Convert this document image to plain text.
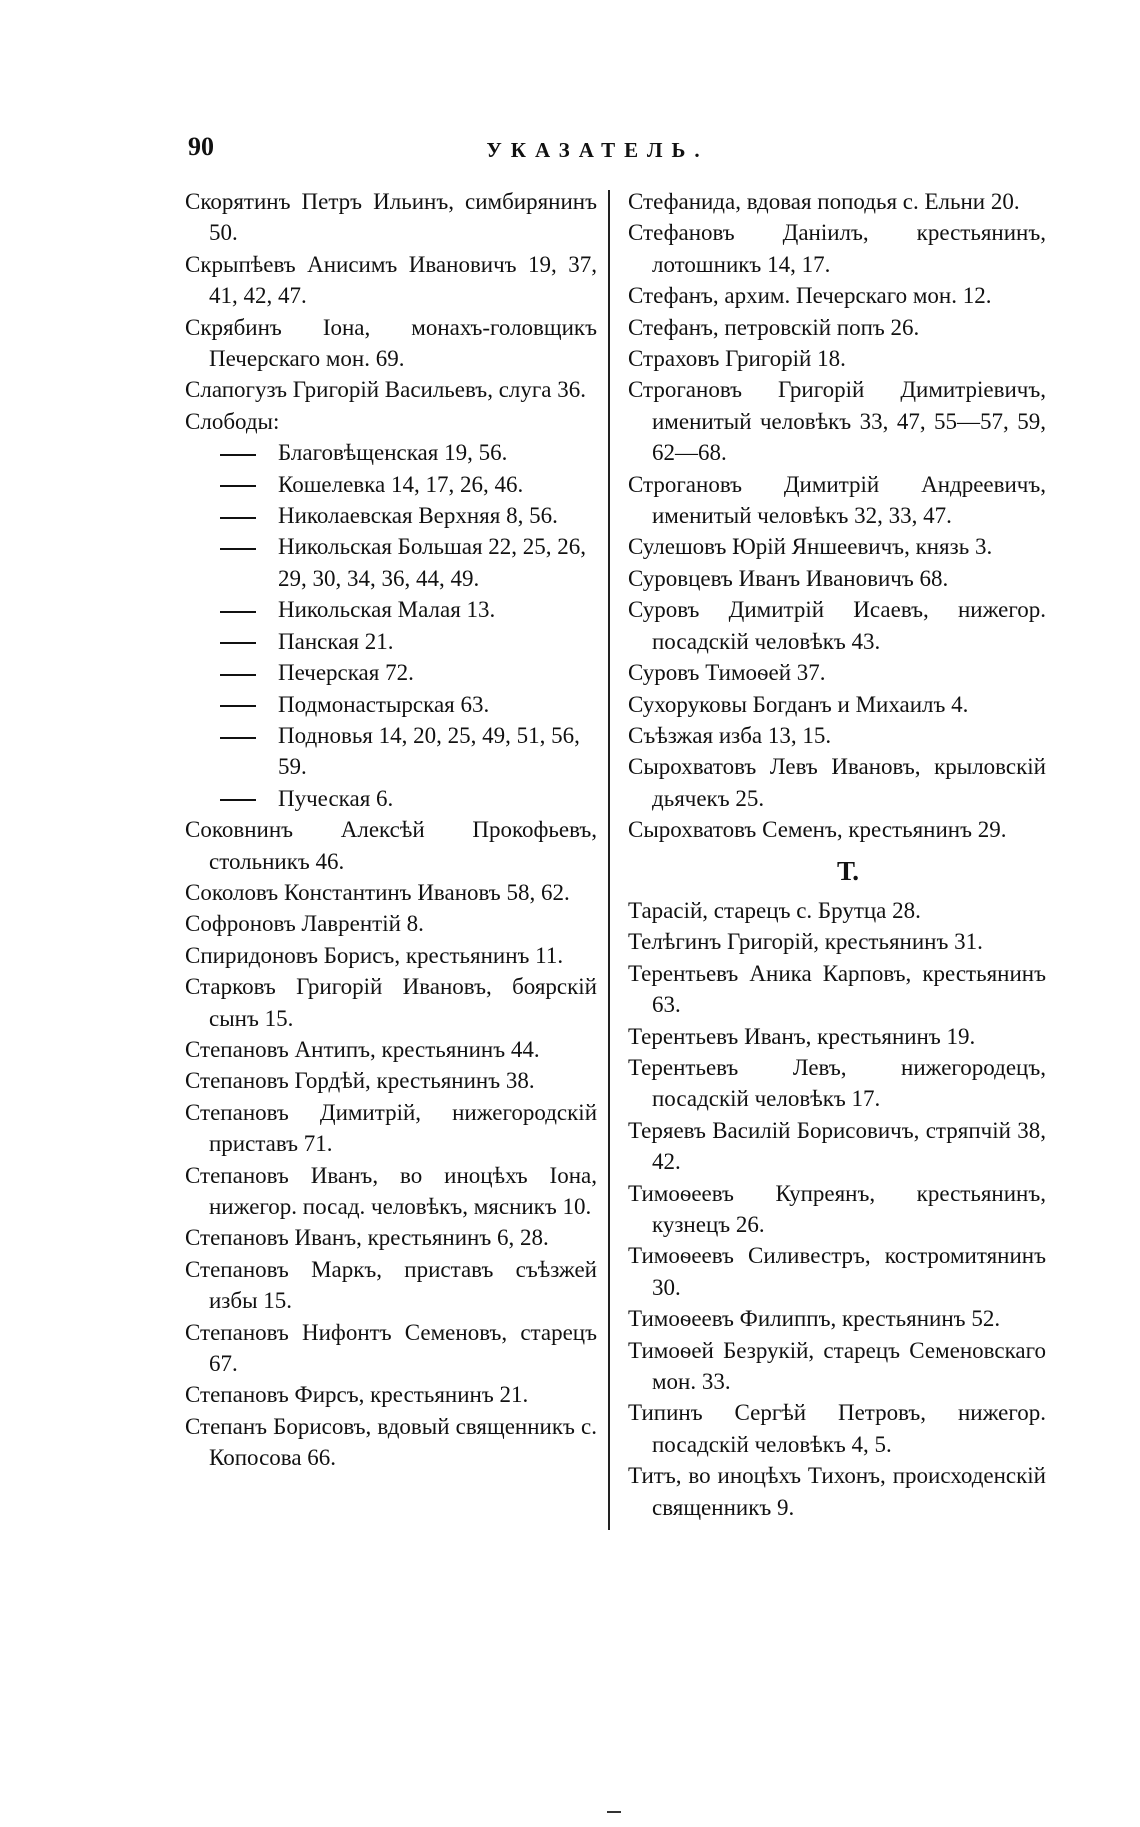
90	УКАЗАТЕЛЬ.

Скорятинъ Петръ Ильинъ, симбирянинъ 50.

Скрыпѣевъ Анисимъ Ивановичъ 19, 37, 41, 42, 47.

Скрябинъ Іона, монахъ-головщикъ Печерскаго мон. 69.

Слапогузъ Григорій Васильевъ, слуга 36.

Слободы:

Благовѣщенская 19, 56.
Кошелевка 14, 17, 26, 46.
Николаевская Верхняя 8, 56.
Никольская Большая 22, 25, 26, 29, 30, 34, 36, 44, 49.
Никольская Малая 13.
Панская 21.
Печерская 72.
Подмонастырская 63.
Подновья 14, 20, 25, 49, 51, 56, 59.
Пуческая 6.

Соковнинъ Алексѣй Прокофьевъ, стольникъ 46.

Соколовъ Константинъ Ивановъ 58, 62.

Софроновъ Лаврентій 8.

Спиридоновъ Борисъ, крестьянинъ 11.

Старковъ Григорій Ивановъ, боярскій сынъ 15.

Степановъ Антипъ, крестьянинъ 44.

Степановъ Гордѣй, крестьянинъ 38.

Степановъ Димитрій, нижегородскій приставъ 71.

Степановъ Иванъ, во иноцѣхъ Іона, нижегор. посад. человѣкъ, мясникъ 10.

Степановъ Иванъ, крестьянинъ 6, 28.

Степановъ Маркъ, приставъ съѣзжей избы 15.

Степановъ Нифонтъ Семеновъ, старецъ 67.

Степановъ Фирсъ, крестьянинъ 21.

Степанъ Борисовъ, вдовый священникъ с. Копосова 66.

Стефанида, вдовая поподья с. Ельни 20.

Стефановъ Даніилъ, крестьянинъ, лотошникъ 14, 17.

Стефанъ, архим. Печерскаго мон. 12.

Стефанъ, петровскій попъ 26.

Страховъ Григорій 18.

Строгановъ Григорій Димитріевичъ, именитый человѣкъ 33, 47, 55—57, 59, 62—68.

Строгановъ Димитрій Андреевичъ, именитый человѣкъ 32, 33, 47.

Сулешовъ Юрій Яншеевичъ, князь 3.

Суровцевъ Иванъ Ивановичъ 68.

Суровъ Димитрій Исаевъ, нижегор. посадскій человѣкъ 43.

Суровъ Тимоѳей 37.

Сухоруковы Богданъ и Михаилъ 4.

Съѣзжая изба 13, 15.

Сырохватовъ Левъ Ивановъ, крыловскій дьячекъ 25.

Сырохватовъ Семенъ, крестьянинъ 29.

Т.

Тарасій, старецъ с. Брутца 28.

Телѣгинъ Григорій, крестьянинъ 31.

Терентьевъ Аника Карповъ, крестьянинъ 63.

Терентьевъ Иванъ, крестьянинъ 19.

Терентьевъ Левъ, нижегородецъ, посадскій человѣкъ 17.

Теряевъ Василій Борисовичъ, стряпчій 38, 42.

Тимоѳеевъ Купреянъ, крестьянинъ, кузнецъ 26.

Тимоѳеевъ Силивестръ, костромитянинъ 30.

Тимоѳеевъ Филиппъ, крестьянинъ 52.

Тимоѳей Безрукій, старецъ Семеновскаго мон. 33.

Типинъ Сергѣй Петровъ, нижегор. посадскій человѣкъ 4, 5.

Титъ, во иноцѣхъ Тихонъ, происходенскій священникъ 9.
